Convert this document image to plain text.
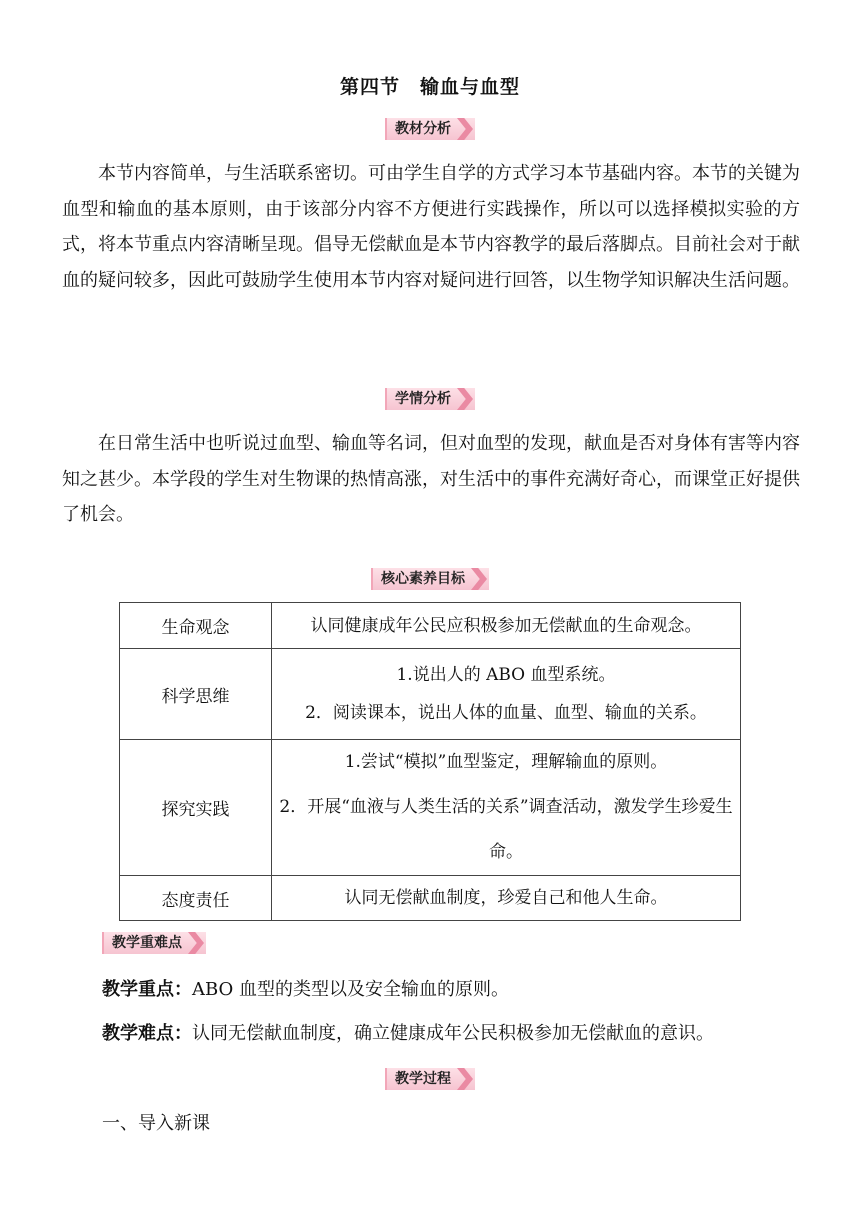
第四节　输血与血型
教材分析

本节内容简单，与生活联系密切。可由学生自学的方式学习本节基础内容。本节的关键为血型和输血的基本原则，由于该部分内容不方便进行实践操作，所以可以选择模拟实验的方式，将本节重点内容清晰呈现。倡导无偿献血是本节内容教学的最后落脚点。目前社会对于献血的疑问较多，因此可鼓励学生使用本节内容对疑问进行回答，以生物学知识解决生活问题。

学情分析

在日常生活中也听说过血型、输血等名词，但对血型的发现，献血是否对身体有害等内容知之甚少。本学段的学生对生物课的热情高涨，对生活中的事件充满好奇心，而课堂正好提供了机会。

核心素养目标
生命观念	认同健康成年公民应积极参加无偿献血的生命观念。

科学思维	1.说出人的 ABO 血型系统。
2．阅读课本，说出人体的血量、血型、输血的关系。

探究实践	1.尝试“模拟”血型鉴定，理解输血的原则。
2．开展“血液与人类生活的关系”调查活动，激发学生珍爱生命。

态度责任	认同无偿献血制度，珍爱自己和他人生命。
教学重难点
教学重点：ABO 血型的类型以及安全输血的原则。
教学难点：认同无偿献血制度，确立健康成年公民积极参加无偿献血的意识。
教学过程
一、导入新课
